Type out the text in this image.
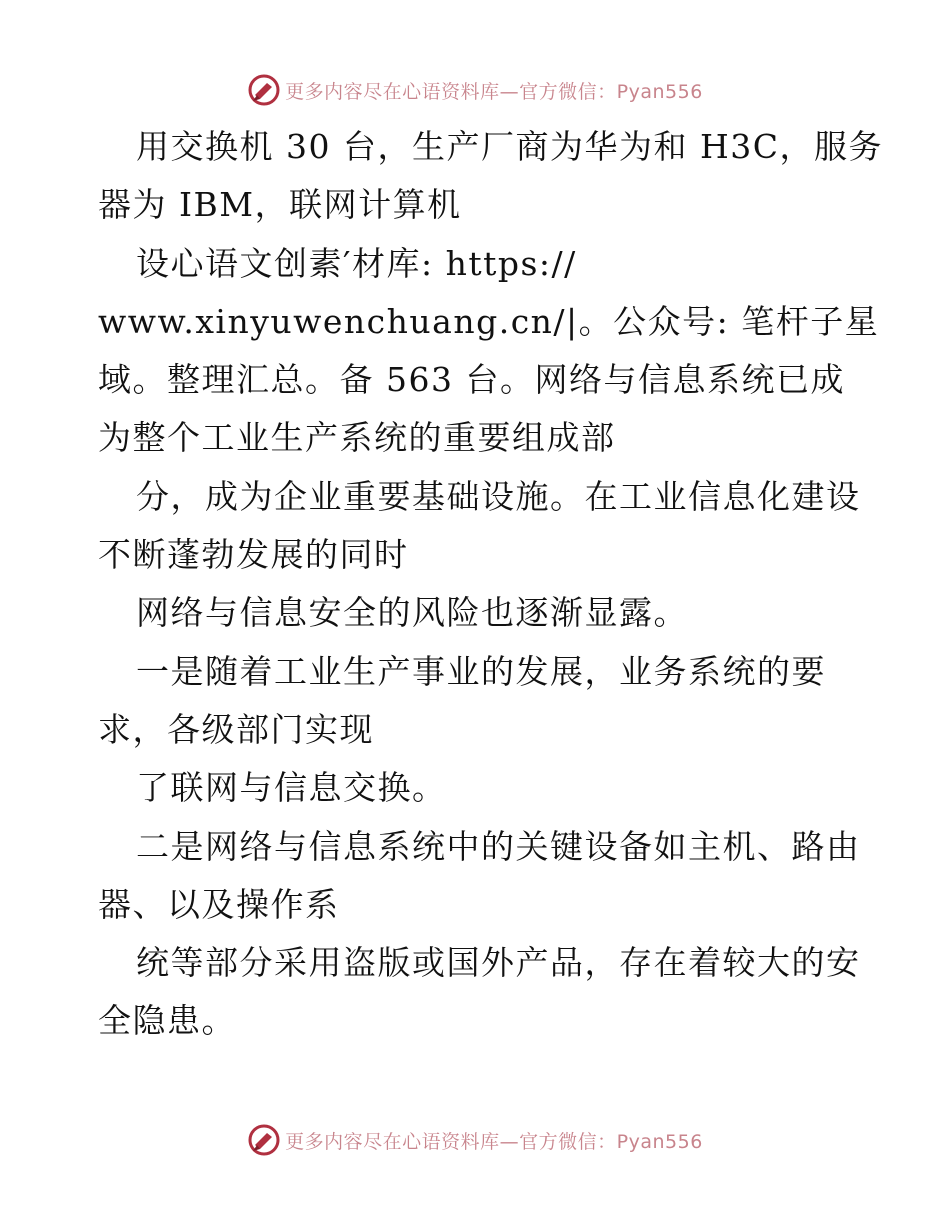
更多内容尽在心语资料库—官方微信：Pyan556
用交换机 30 台，生产厂商为华为和 H3C，服务
器为 IBM，联网计算机
设心语文创素′材库: https://
www.xinyuwenchuang.cn/|。公众号: 笔杆子星
域。整理汇总。备 563 台。网络与信息系统已成
为整个工业生产系统的重要组成部
分，成为企业重要基础设施。在工业信息化建设
不断蓬勃发展的同时
网络与信息安全的风险也逐渐显露。
一是随着工业生产事业的发展，业务系统的要
求，各级部门实现
了联网与信息交换。
二是网络与信息系统中的关键设备如主机、路由
器、以及操作系
统等部分采用盗版或国外产品，存在着较大的安
全隐患。
更多内容尽在心语资料库—官方微信：Pyan556
